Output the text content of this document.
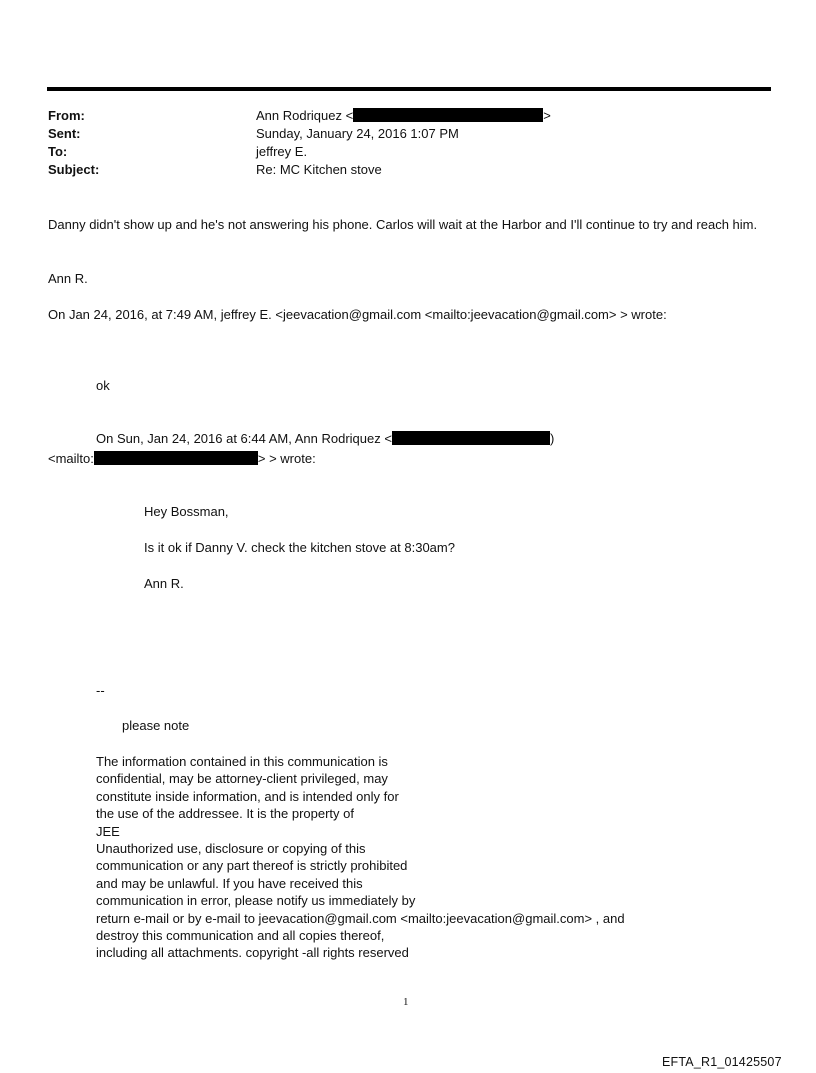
From:	Ann Rodriquez <	>
Sent:	Sunday, January 24, 2016 1:07 PM
To:	jeffrey E.
Subject:	Re: MC Kitchen stove
Danny didn't show up and he's not answering his phone. Carlos will wait at the Harbor and I'll continue to try and reach him.
Ann R.
On Jan 24, 2016, at 7:49 AM, jeffrey E. <jeevacation@gmail.com <mailto:jeevacation@gmail.com> > wrote:
ok
On Sun, Jan 24, 2016 at 6:44 AM, Ann Rodriquez <	)
<mailto:	> > wrote:
Hey Bossman,
Is it ok if Danny V. check the kitchen stove at 8:30am?
Ann R.
--
please note
The information contained in this communication is
confidential, may be attorney-client privileged, may
constitute inside information, and is intended only for
the use of the addressee. It is the property of
JEE
Unauthorized use, disclosure or copying of this
communication or any part thereof is strictly prohibited
and may be unlawful. If you have received this
communication in error, please notify us immediately by
return e-mail or by e-mail to jeevacation@gmail.com <mailto:jeevacation@gmail.com> , and
destroy this communication and all copies thereof,
including all attachments. copyright -all rights reserved
1
EFTA_R1_01425507
